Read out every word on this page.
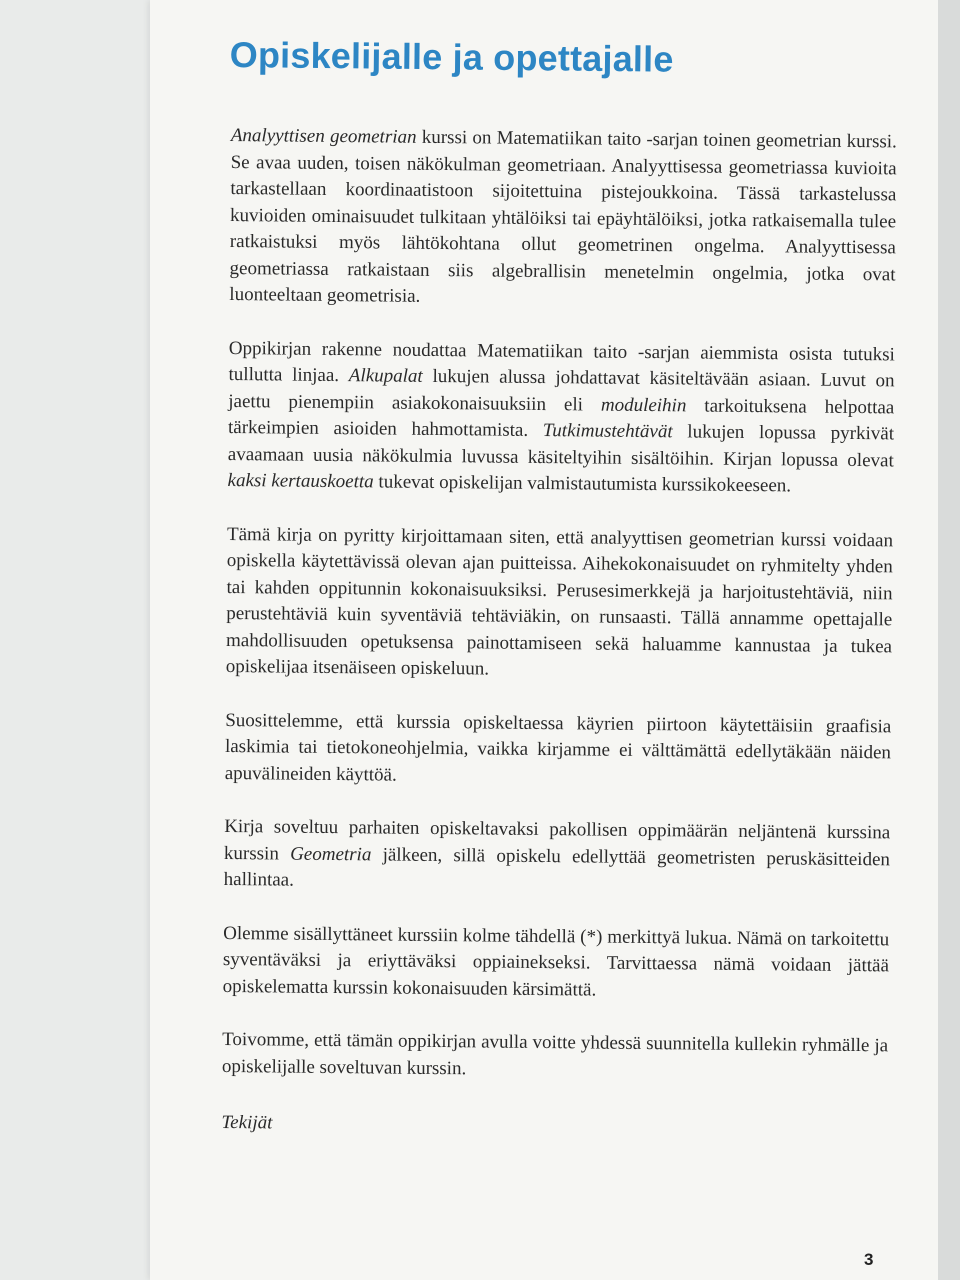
Opiskelijalle ja opettajalle

Analyyttisen geometrian kurssi on Matematiikan taito -sarjan toinen geometrian kurssi. Se avaa uuden, toisen näkökulman geometriaan. Analyyttisessa geometriassa kuvioita tarkastellaan koordinaatistoon sijoitettuina pistejoukkoina. Tässä tarkastelussa kuvioiden ominaisuudet tulkitaan yhtälöiksi tai epäyhtälöiksi, jotka ratkaisemalla tulee ratkaistuksi myös lähtökohtana ollut geometrinen ongelma. Analyyttisessa geometriassa ratkaistaan siis algebrallisin menetelmin ongelmia, jotka ovat luonteeltaan geometrisia.

Oppikirjan rakenne noudattaa Matematiikan taito -sarjan aiemmista osista tutuksi tullutta linjaa. Alkupalat lukujen alussa johdattavat käsiteltävään asiaan. Luvut on jaettu pienempiin asiakokonaisuuksiin eli moduleihin tarkoituksena helpottaa tärkeimpien asioiden hahmottamista. Tutkimustehtävät lukujen lopussa pyrkivät avaamaan uusia näkökulmia luvussa käsiteltyihin sisältöihin. Kirjan lopussa olevat kaksi kertauskoetta tukevat opiskelijan valmistautumista kurssikokeeseen.

Tämä kirja on pyritty kirjoittamaan siten, että analyyttisen geometrian kurssi voidaan opiskella käytettävissä olevan ajan puitteissa. Aihekokonaisuudet on ryhmitelty yhden tai kahden oppitunnin kokonaisuuksiksi. Perusesimerkkejä ja harjoitustehtäviä, niin perustehtäviä kuin syventäviä tehtäviäkin, on runsaasti. Tällä annamme opettajalle mahdollisuuden opetuksensa painottamiseen sekä haluamme kannustaa ja tukea opiskelijaa itsenäiseen opiskeluun.

Suosittelemme, että kurssia opiskeltaessa käyrien piirtoon käytettäisiin graafisia laskimia tai tietokoneohjelmia, vaikka kirjamme ei välttämättä edellytäkään näiden apuvälineiden käyttöä.

Kirja soveltuu parhaiten opiskeltavaksi pakollisen oppimäärän neljäntenä kurssina kurssin Geometria jälkeen, sillä opiskelu edellyttää geometristen peruskäsitteiden hallintaa.

Olemme sisällyttäneet kurssiin kolme tähdellä (*) merkittyä lukua. Nämä on tarkoitettu syventäväksi ja eriyttäväksi oppiainekseksi. Tarvittaessa nämä voidaan jättää opiskelematta kurssin kokonaisuuden kärsimättä.

Toivomme, että tämän oppikirjan avulla voitte yhdessä suunnitella kullekin ryhmälle ja opiskelijalle soveltuvan kurssin.

Tekijät

3
